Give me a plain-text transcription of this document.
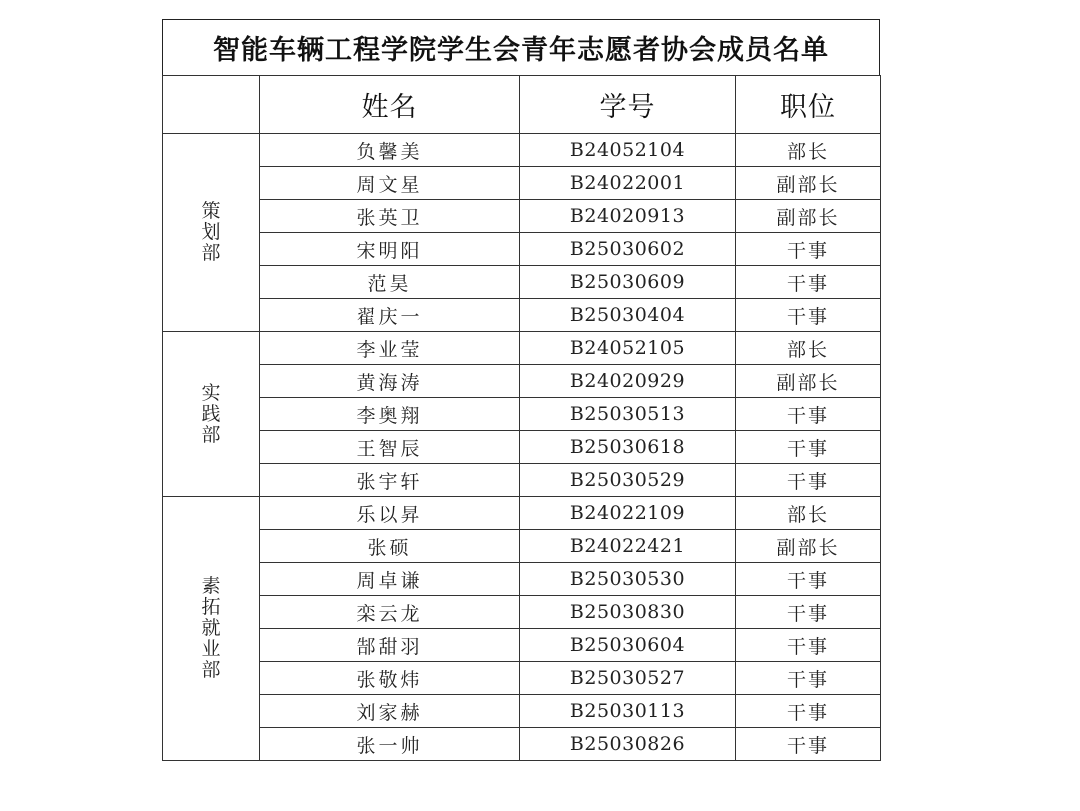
智能车辆工程学院学生会青年志愿者协会成员名单
	姓名	学号	职位
策划部	负馨美	B24052104	部长
	周文星	B24022001	副部长
	张英卫	B24020913	副部长
	宋明阳	B25030602	干事
	范昊	B25030609	干事
	翟庆一	B25030404	干事
实践部	李业莹	B24052105	部长
	黄海涛	B24020929	副部长
	李奥翔	B25030513	干事
	王智辰	B25030618	干事
	张宇轩	B25030529	干事
素拓就业部	乐以昇	B24022109	部长
	张硕	B24022421	副部长
	周卓谦	B25030530	干事
	栾云龙	B25030830	干事
	郜甜羽	B25030604	干事
	张敬炜	B25030527	干事
	刘家赫	B25030113	干事
	张一帅	B25030826	干事
